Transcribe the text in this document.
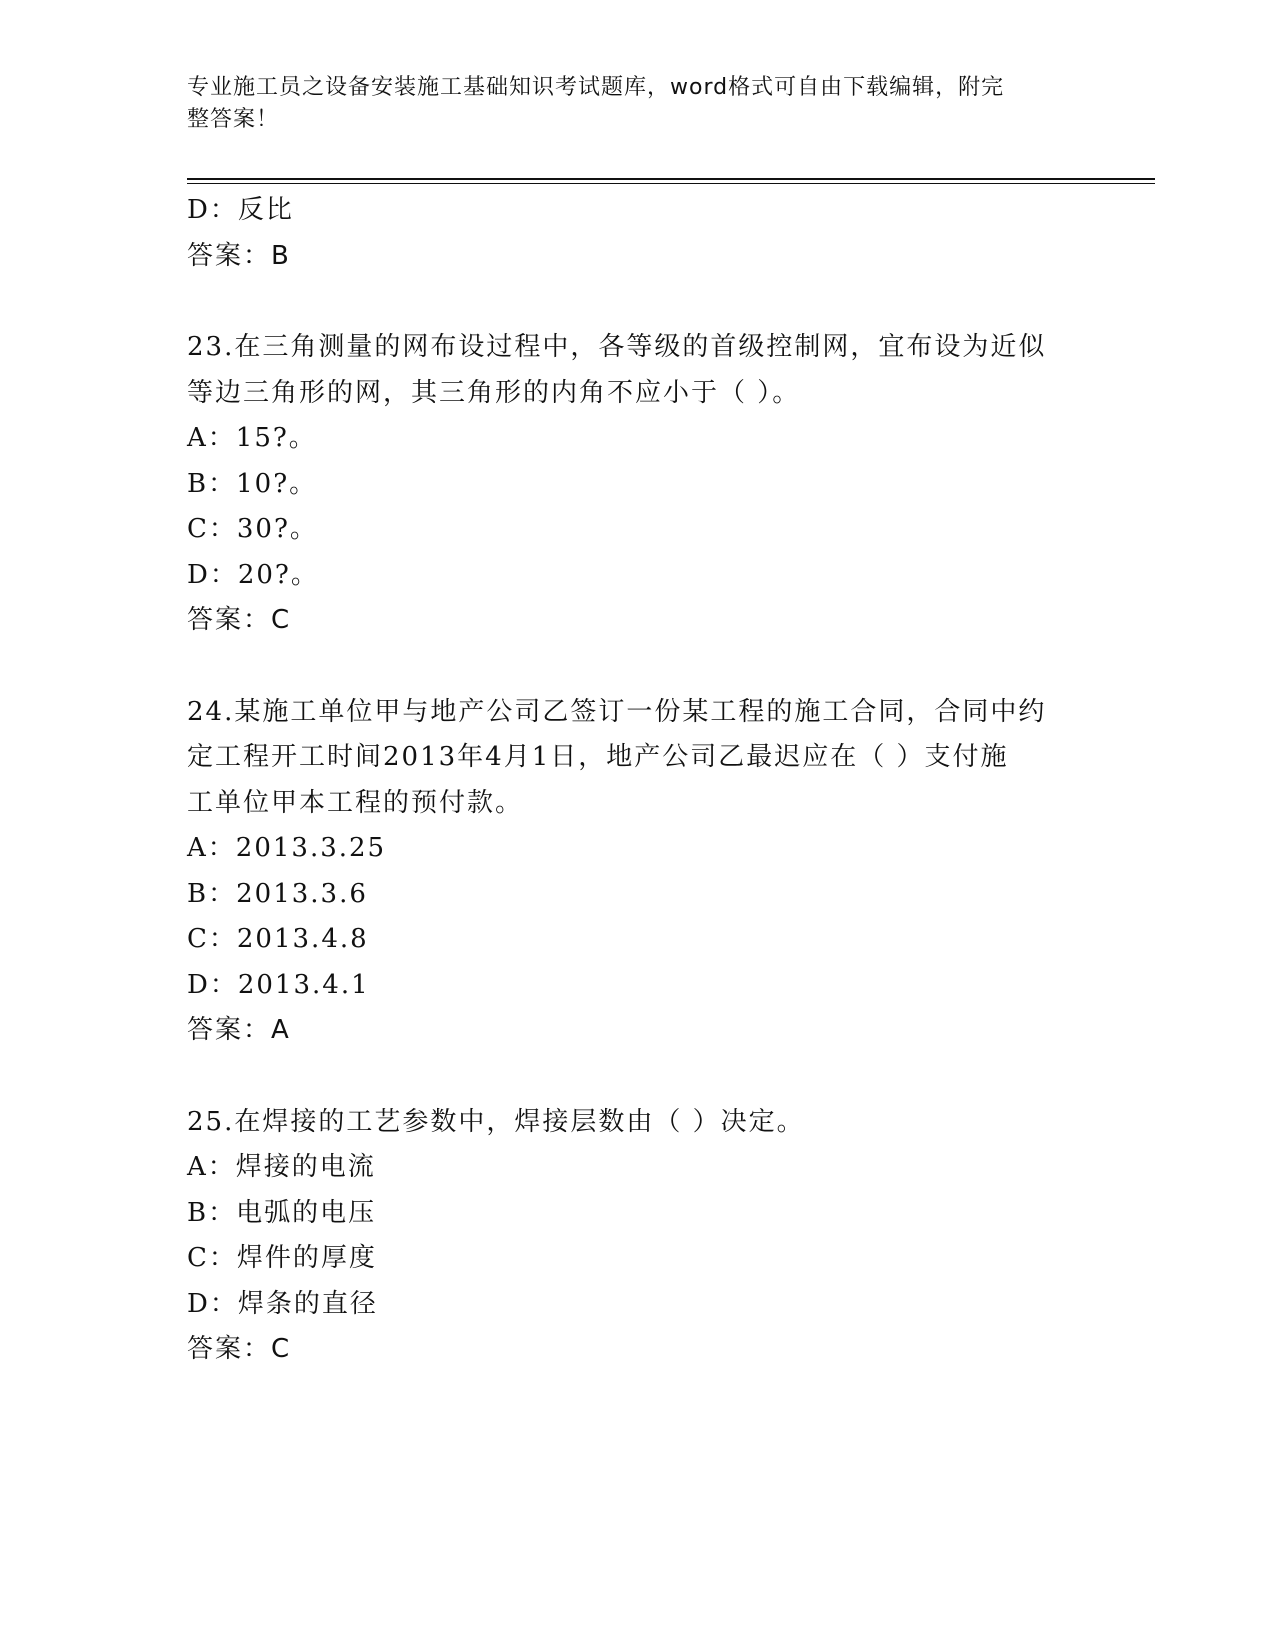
专业施工员之设备安装施工基础知识考试题库，word格式可自由下载编辑，附完
整答案！
D：反比
答案：B
23.在三角测量的网布设过程中，各等级的首级控制网，宜布设为近似
等边三角形的网，其三角形的内角不应小于（ ）。
A：15?。
B：10?。
C：30?。
D：20?。
答案：C
24.某施工单位甲与地产公司乙签订一份某工程的施工合同，合同中约
定工程开工时间2013年4月1日，地产公司乙最迟应在（ ）支付施
工单位甲本工程的预付款。
A：2013.3.25
B：2013.3.6
C：2013.4.8
D：2013.4.1
答案：A
25.在焊接的工艺参数中，焊接层数由（ ）决定。
A：焊接的电流
B：电弧的电压
C：焊件的厚度
D：焊条的直径
答案：C
